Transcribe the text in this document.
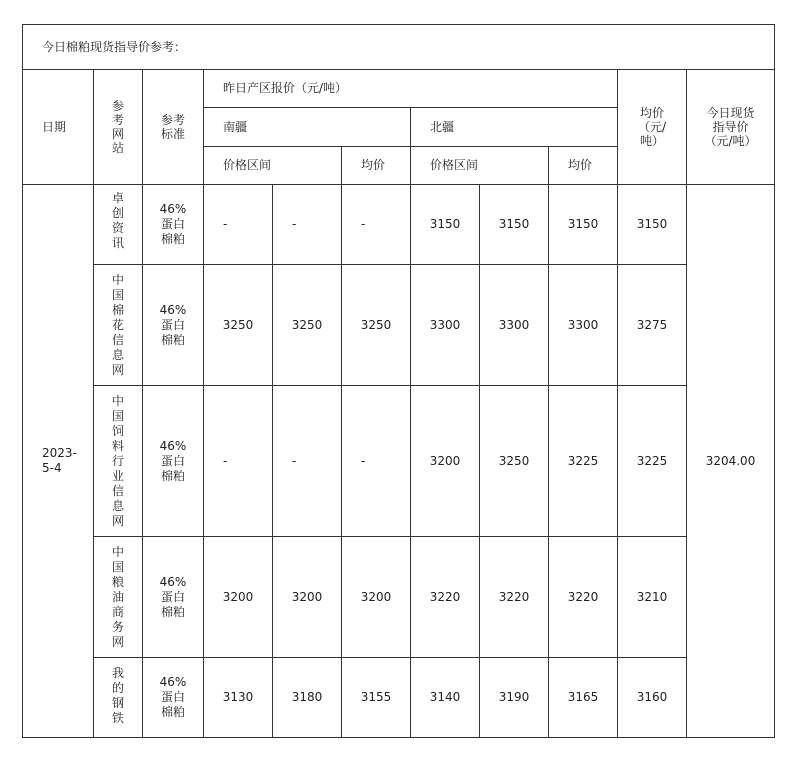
今日棉粕现货指导价参考：										
日期	参考网站	参考标准	昨日产区报价（元/吨）						均价（元/吨）	今日现货指导价（元/吨）

			南疆			北疆				
			价格区间		均价	价格区间		均价		

2023-5-4	卓创资讯	46%蛋白棉粕	-	-	-	3150	3150	3150	3150	3204.00

	中国棉花信息网	46%蛋白棉粕	3250	3250	3250	3300	3300	3300	3275	

	中国饲料行业信息网	46%蛋白棉粕	-	-	-	3200	3250	3225	3225	

	中国粮油商务网	46%蛋白棉粕	3200	3200	3200	3220	3220	3220	3210	

	我的钢铁	46%蛋白棉粕	3130	3180	3155	3140	3190	3165	3160	
